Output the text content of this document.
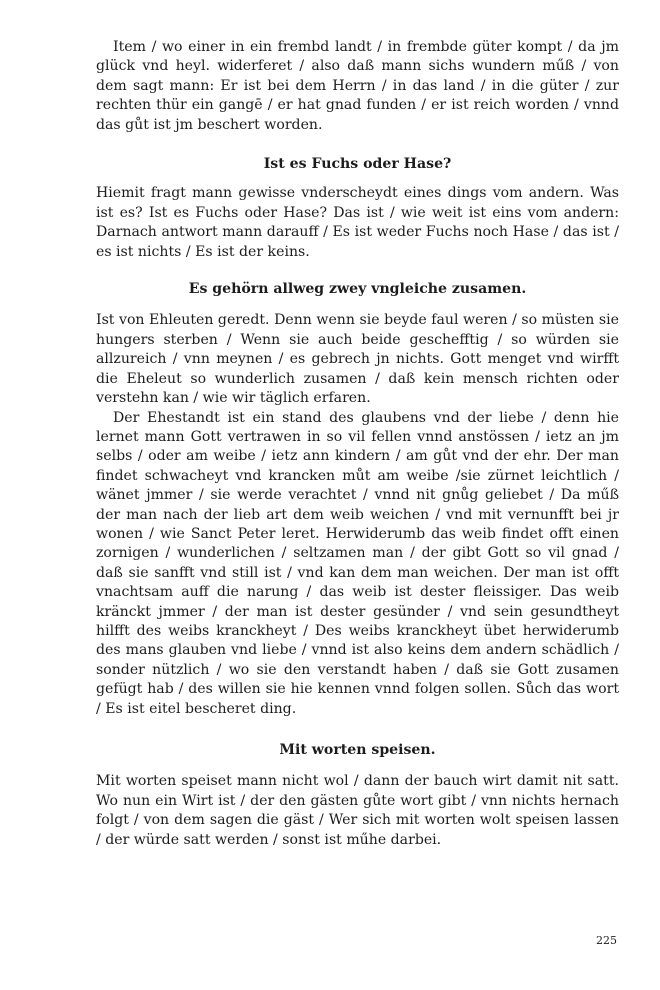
Item / wo einer in ein frembd landt / in frembde güter kompt / da jm glück vnd heyl. widerferet / also daß mann sichs wundern műß / von dem sagt mann: Er ist bei dem Herrn / in das land / in die güter / zur rechten thür ein gangē / er hat gnad funden / er ist reich worden / vnnd das gůt ist jm beschert worden.

Ist es Fuchs oder Hase?

Hiemit fragt mann gewisse vnderscheydt eines dings vom andern. Was ist es? Ist es Fuchs oder Hase? Das ist / wie weit ist eins vom andern: Darnach antwort mann darauff / Es ist weder Fuchs noch Hase / das ist / es ist nichts / Es ist der keins.

Es gehörn allweg zwey vngleiche zusamen.

Ist von Ehleuten geredt. Denn wenn sie beyde faul weren / so müsten sie hungers sterben / Wenn sie auch beide geschefftig / so würden sie allzureich / vnn meynen / es gebrech jn nichts. Gott menget vnd wirfft die Eheleut so wunderlich zusamen / daß kein mensch richten oder verstehn kan / wie wir täglich erfaren.

Der Ehestandt ist ein stand des glaubens vnd der liebe / denn hie lernet mann Gott vertrawen in so vil fellen vnnd anstössen / ietz an jm selbs / oder am weibe / ietz ann kindern / am gůt vnd der ehr. Der man findet schwacheyt vnd krancken můt am weibe /sie zürnet leichtlich / wänet jmmer / sie werde verachtet / vnnd nit gnůg geliebet / Da műß der man nach der lieb art dem weib weichen / vnd mit vernunfft bei jr wonen / wie Sanct Peter leret. Herwiderumb das weib findet offt einen zornigen / wunderlichen / seltzamen man / der gibt Gott so vil gnad / daß sie sanfft vnd still ist / vnd kan dem man weichen. Der man ist offt vnachtsam auff die narung / das weib ist dester fleissiger. Das weib kränckt jmmer / der man ist dester gesünder / vnd sein gesundtheyt hilfft des weibs kranckheyt / Des weibs kranckheyt übet herwiderumb des mans glauben vnd liebe / vnnd ist also keins dem andern schädlich / sonder nützlich / wo sie den verstandt haben / daß sie Gott zusamen gefügt hab / des willen sie hie kennen vnnd folgen sollen. Sůch das wort / Es ist eitel bescheret ding.

Mit worten speisen.

Mit worten speiset mann nicht wol / dann der bauch wirt damit nit satt. Wo nun ein Wirt ist / der den gästen gůte wort gibt / vnn nichts hernach folgt / von dem sagen die gäst / Wer sich mit worten wolt speisen lassen / der würde satt werden / sonst ist műhe darbei.

225
